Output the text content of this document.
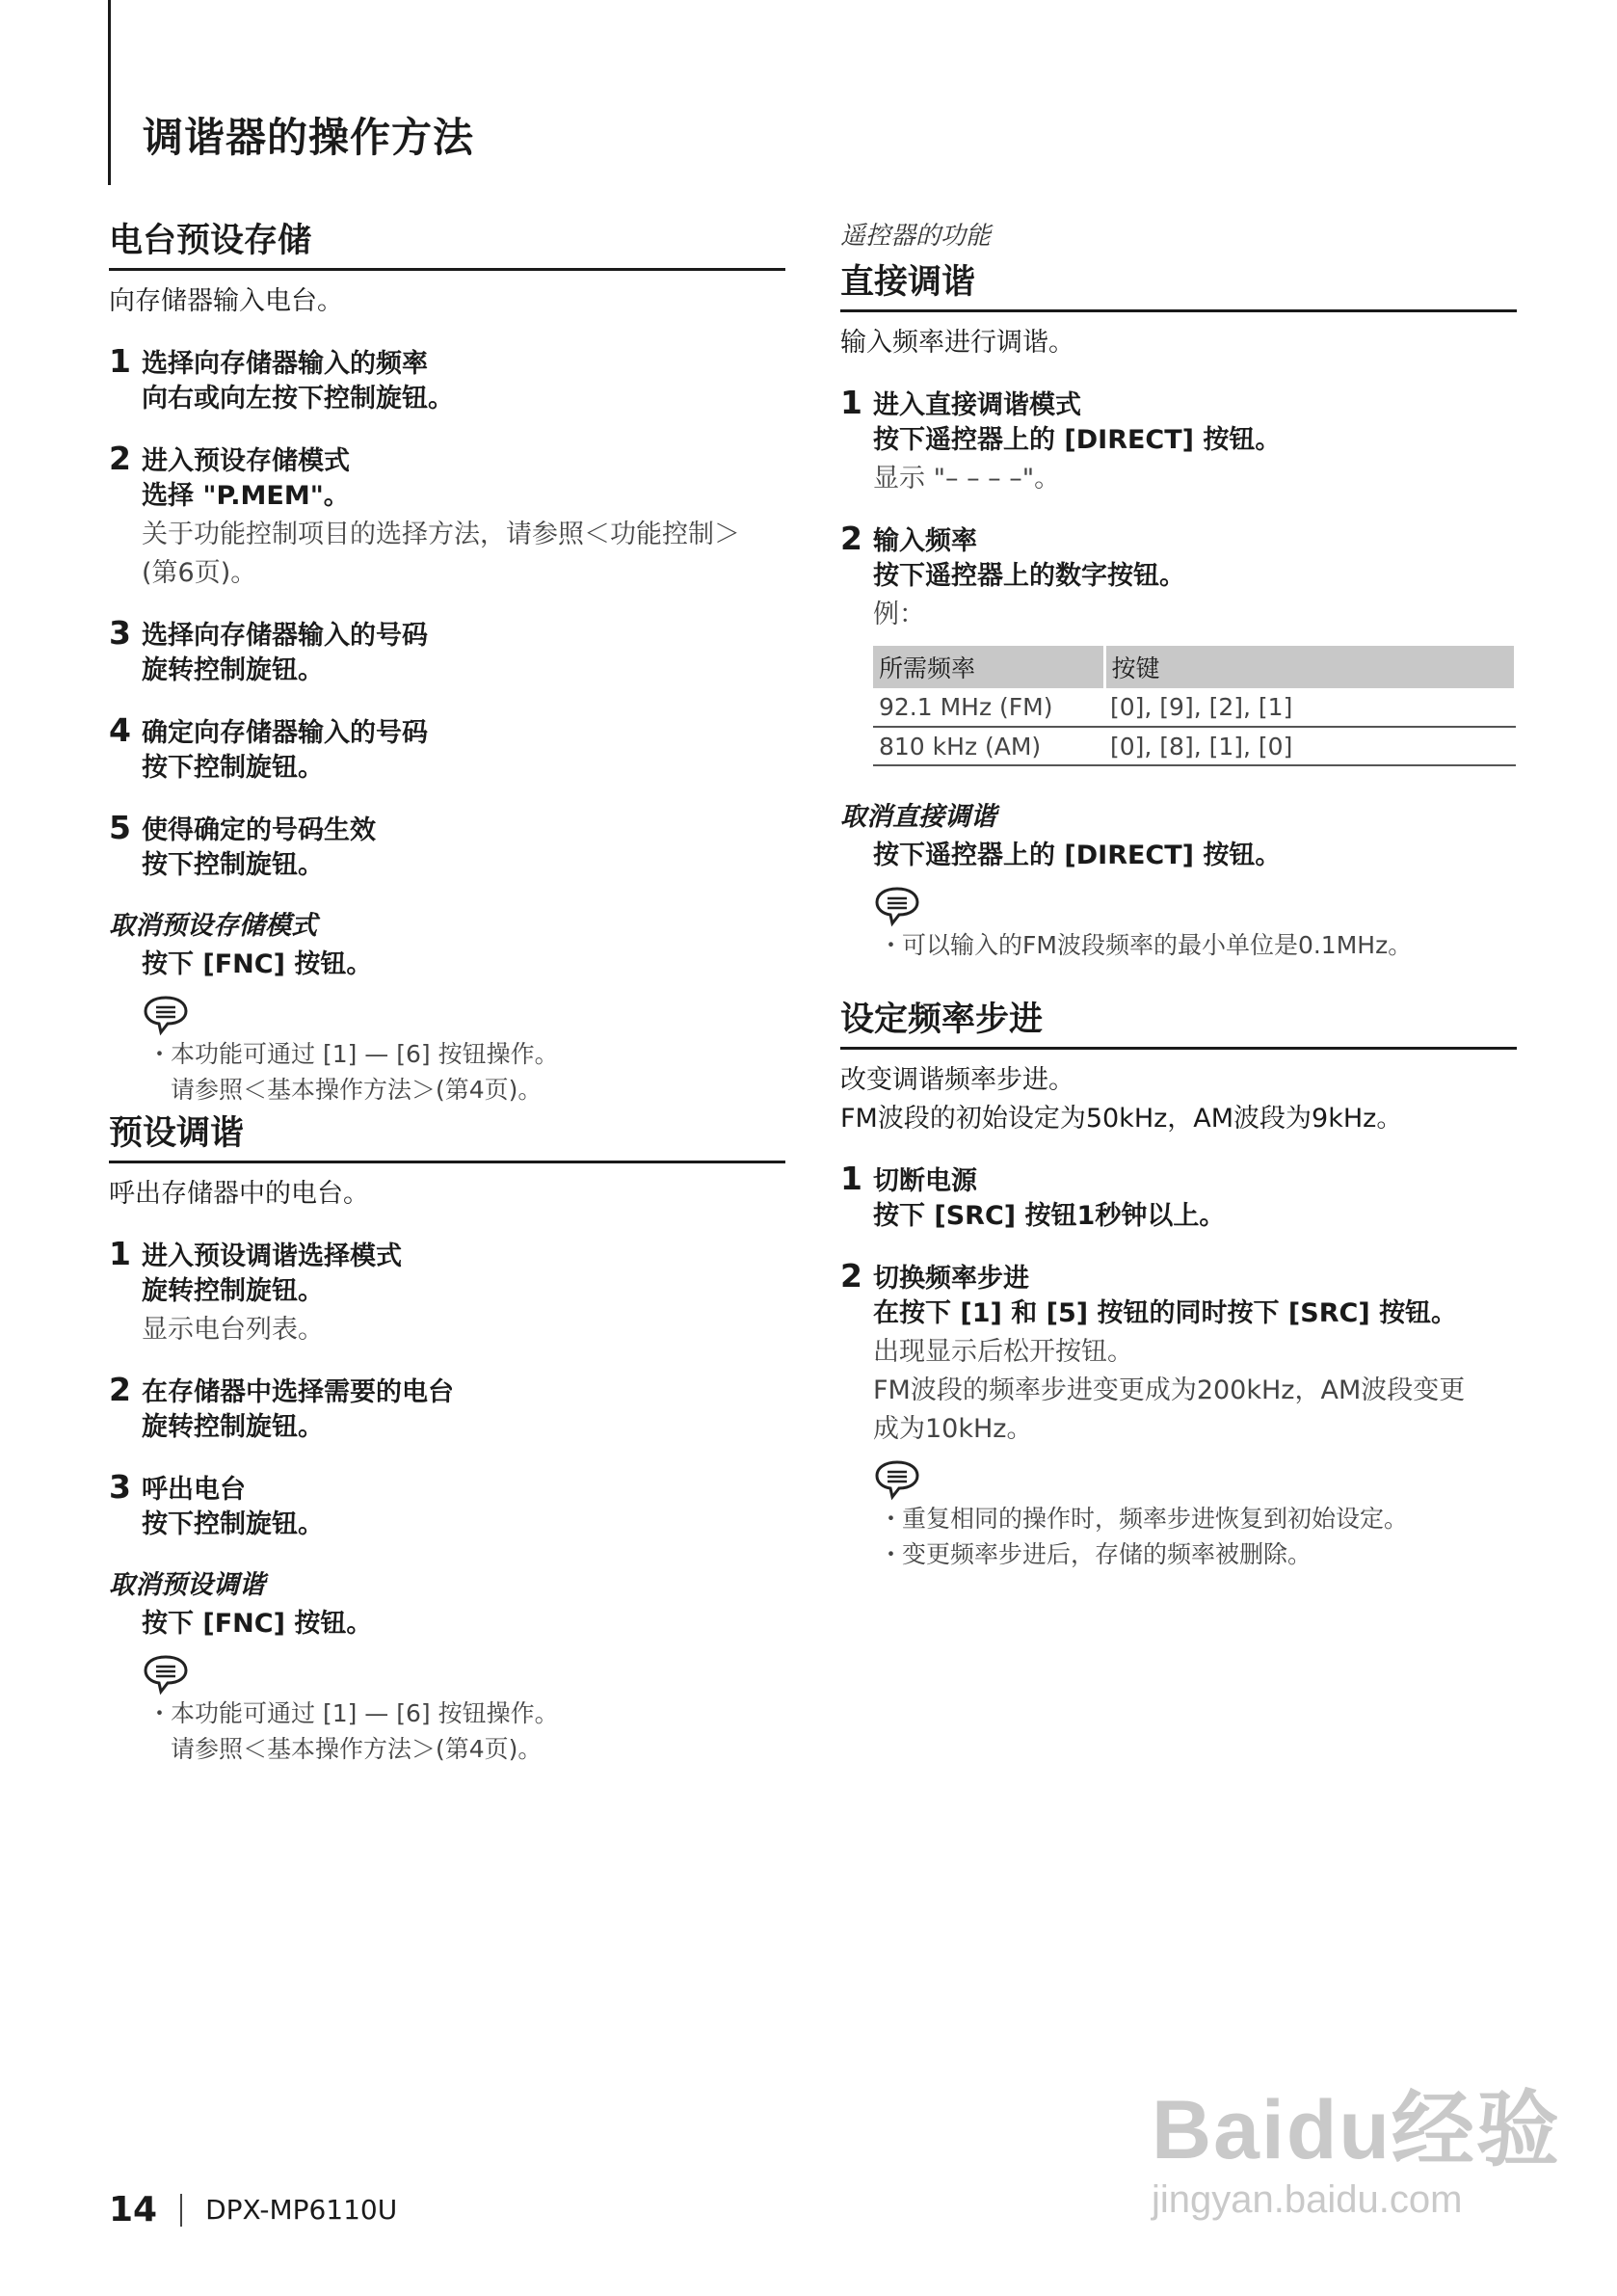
调谐器的操作方法
电台预设存储
向存储器输入电台。
1 选择向存储器输入的频率
向右或向左按下控制旋钮。
2 进入预设存储模式
选择 "P.MEM"。
关于功能控制项目的选择方法，请参照＜功能控制＞
(第6页)。
3 选择向存储器输入的号码
旋转控制旋钮。
4 确定向存储器输入的号码
按下控制旋钮。
5 使得确定的号码生效
按下控制旋钮。
取消预设存储模式
按下 [FNC] 按钮。
・
本功能可通过 [1] — [6] 按钮操作。
请参照＜基本操作方法＞(第4页)。
预设调谐
呼出存储器中的电台。
1 进入预设调谐选择模式
旋转控制旋钮。
显示电台列表。
2 在存储器中选择需要的电台
旋转控制旋钮。
3 呼出电台
按下控制旋钮。
取消预设调谐
按下 [FNC] 按钮。
・
本功能可通过 [1] — [6] 按钮操作。
请参照＜基本操作方法＞(第4页)。
遥控器的功能
直接调谐
输入频率进行调谐。
1 进入直接调谐模式
按下遥控器上的 [DIRECT] 按钮。
显示 "– – – –"。
2 输入频率
按下遥控器上的数字按钮。
例：
所需频率	按键
92.1 MHz (FM)	[0], [9], [2], [1]
810 kHz (AM)	[0], [8], [1], [0]
取消直接调谐
按下遥控器上的 [DIRECT] 按钮。
・
可以输入的FM波段频率的最小单位是0.1MHz。
设定频率步进
改变调谐频率步进。
FM波段的初始设定为50kHz，AM波段为9kHz。
1 切断电源
按下 [SRC] 按钮1秒钟以上。
2 切换频率步进
在按下 [1] 和 [5] 按钮的同时按下 [SRC] 按钮。
出现显示后松开按钮。
FM波段的频率步进变更成为200kHz，AM波段变更
成为10kHz。
・
重复相同的操作时，频率步进恢复到初始设定。
・
变更频率步进后，存储的频率被删除。
14 DPX-MP6110U
Baidu经验
jingyan.baidu.com
